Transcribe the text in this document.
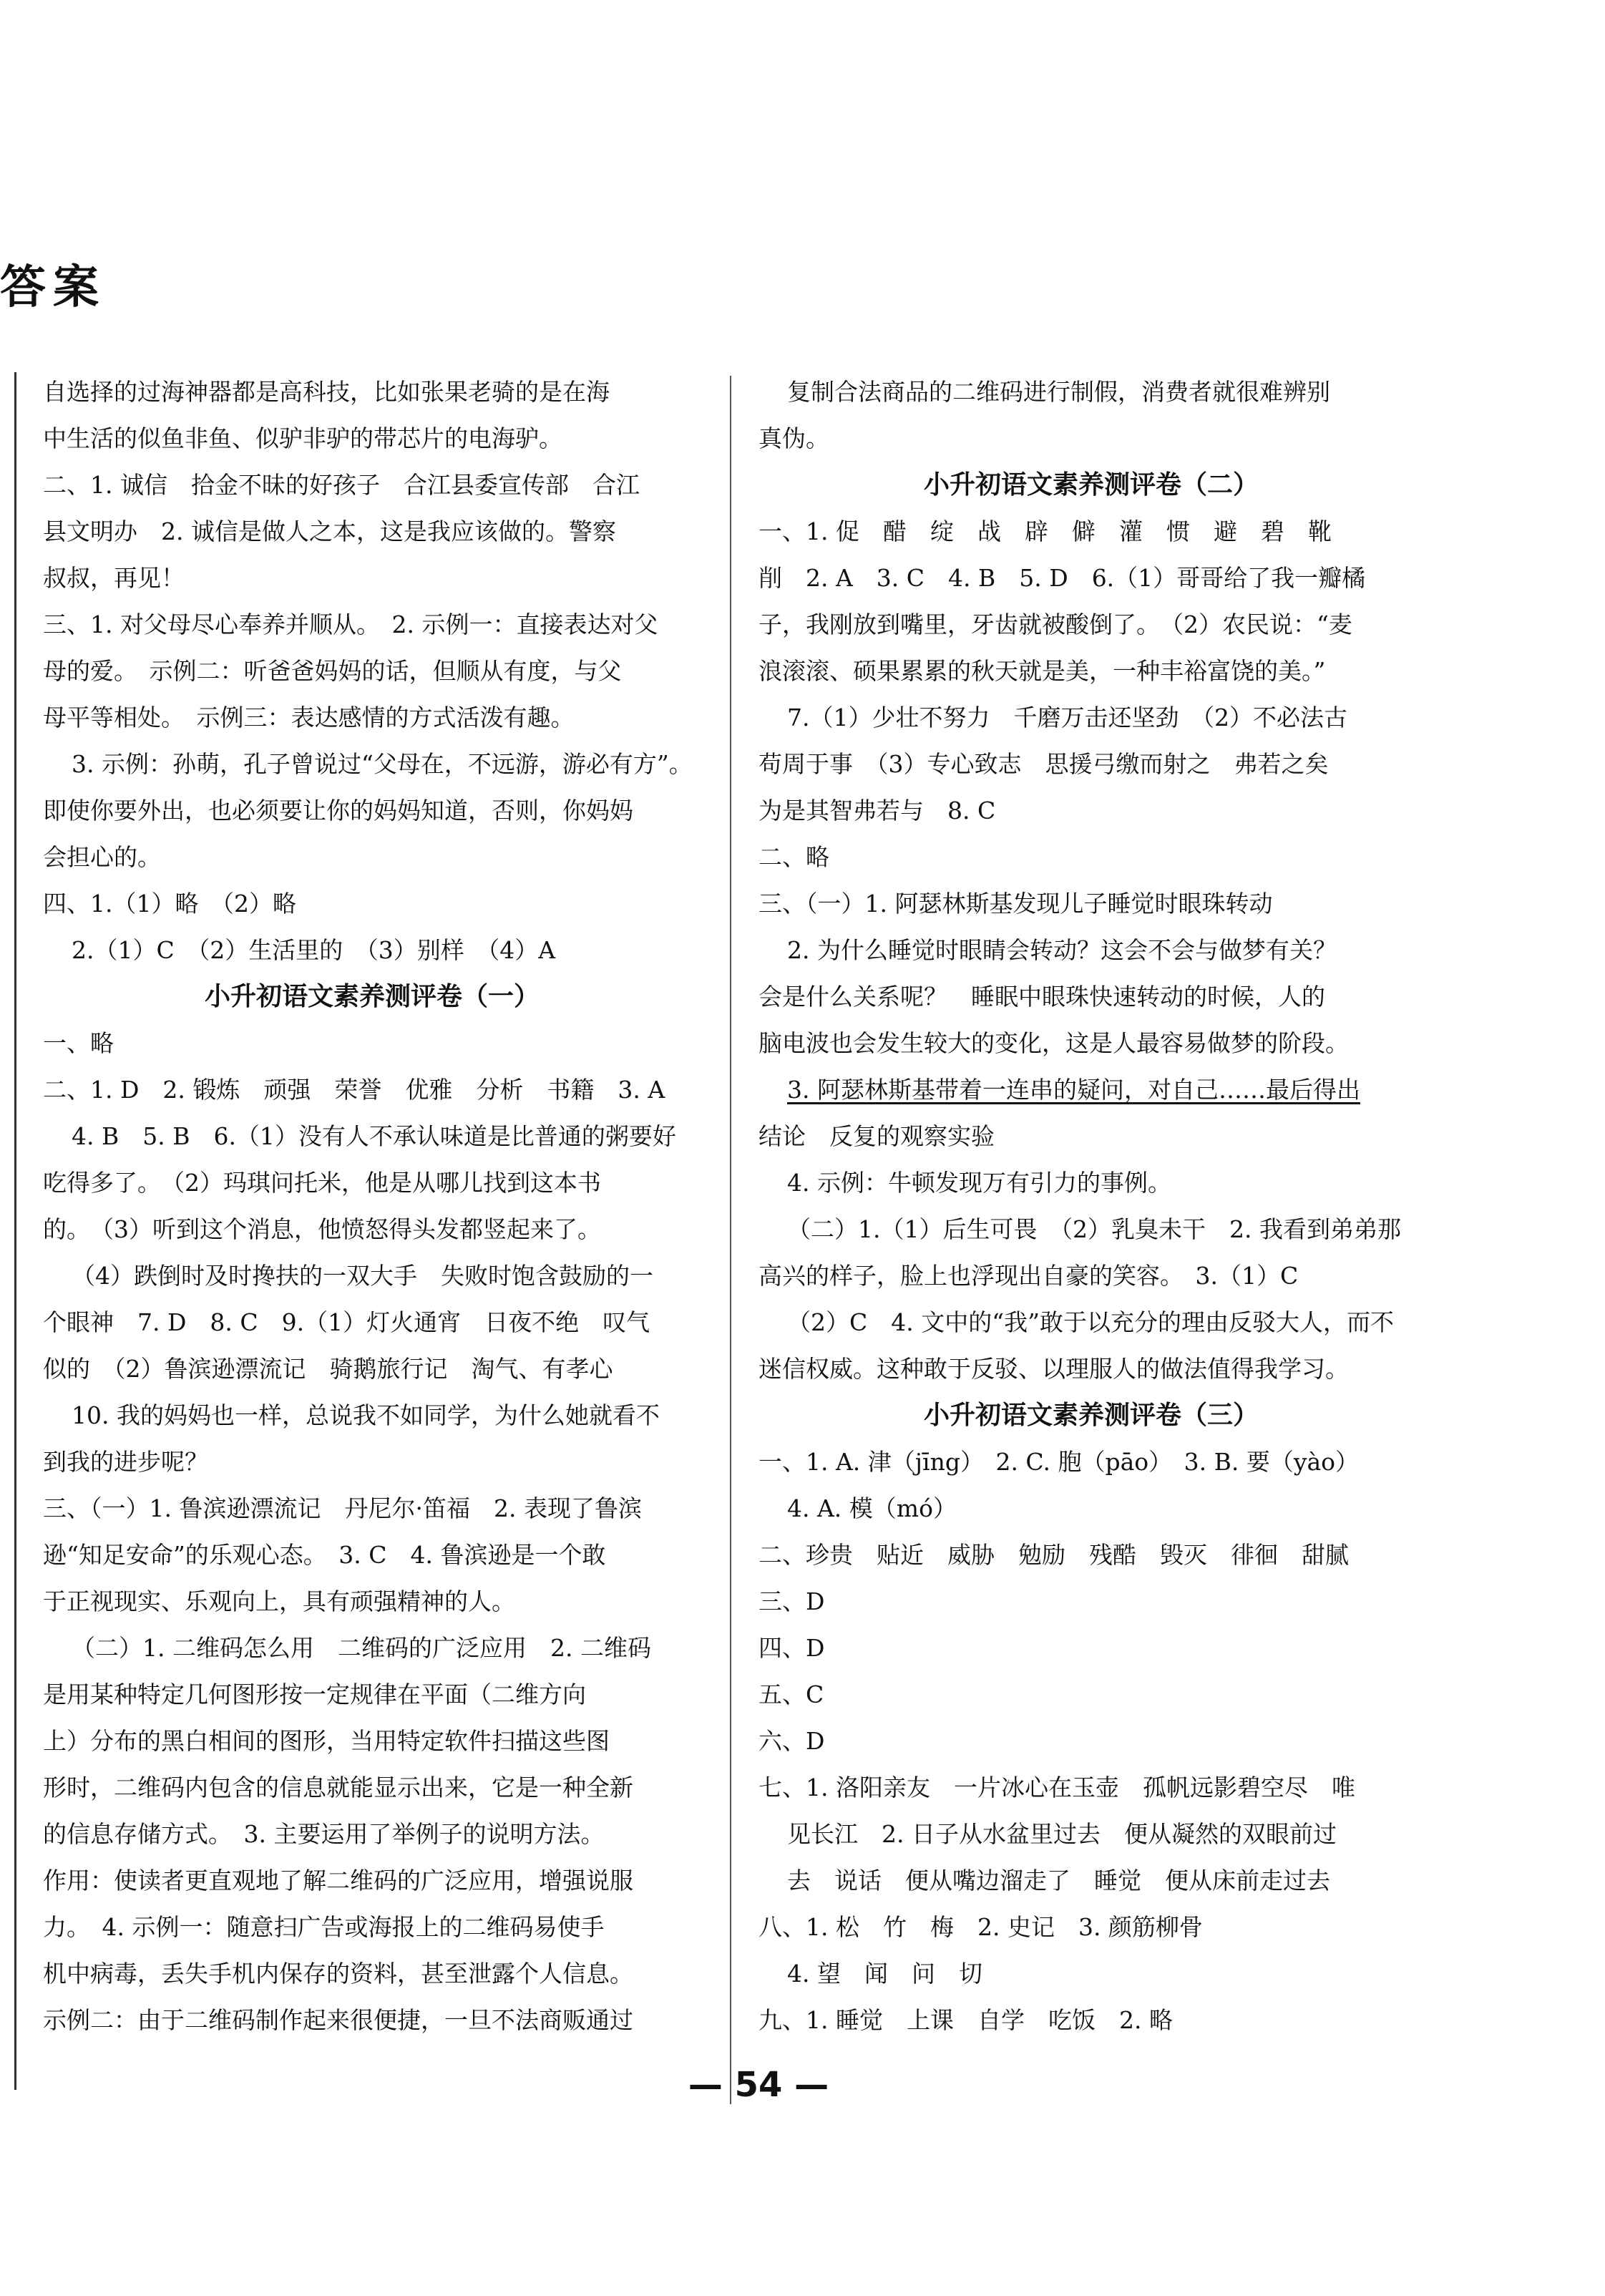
答案
自选择的过海神器都是高科技，比如张果老骑的是在海
中生活的似鱼非鱼、似驴非驴的带芯片的电海驴。
二、1. 诚信　拾金不昧的好孩子　合江县委宣传部　合江
县文明办　2. 诚信是做人之本，这是我应该做的。警察
叔叔，再见！
三、1. 对父母尽心奉养并顺从。　2. 示例一：直接表达对父
母的爱。　示例二：听爸爸妈妈的话，但顺从有度，与父
母平等相处。　示例三：表达感情的方式活泼有趣。
3. 示例：孙萌，孔子曾说过“父母在，不远游，游必有方”。
即使你要外出，也必须要让你的妈妈知道，否则，你妈妈
会担心的。
四、1.（1）略　（2）略
2.（1）C　（2）生活里的　（3）别样　（4）A
小升初语文素养测评卷（一）
一、略
二、1. D　2. 锻炼　顽强　荣誉　优雅　分析　书籍　3. A
4. B　5. B　6.（1）没有人不承认味道是比普通的粥要好
吃得多了。　（2）玛琪问托米，他是从哪儿找到这本书
的。　（3）听到这个消息，他愤怒得头发都竖起来了。
（4）跌倒时及时搀扶的一双大手　失败时饱含鼓励的一
个眼神　7. D　8. C　9.（1）灯火通宵　日夜不绝　叹气
似的　（2）鲁滨逊漂流记　骑鹅旅行记　淘气、有孝心
10. 我的妈妈也一样，总说我不如同学，为什么她就看不
到我的进步呢？
三、（一）1. 鲁滨逊漂流记　丹尼尔·笛福　2. 表现了鲁滨
逊“知足安命”的乐观心态。　3. C　4. 鲁滨逊是一个敢
于正视现实、乐观向上，具有顽强精神的人。
（二）1. 二维码怎么用　二维码的广泛应用　2. 二维码
是用某种特定几何图形按一定规律在平面（二维方向
上）分布的黑白相间的图形，当用特定软件扫描这些图
形时，二维码内包含的信息就能显示出来，它是一种全新
的信息存储方式。　3. 主要运用了举例子的说明方法。
作用：使读者更直观地了解二维码的广泛应用，增强说服
力。　4. 示例一：随意扫广告或海报上的二维码易使手
机中病毒，丢失手机内保存的资料，甚至泄露个人信息。
示例二：由于二维码制作起来很便捷，一旦不法商贩通过
复制合法商品的二维码进行制假，消费者就很难辨别
真伪。
小升初语文素养测评卷（二）
一、1. 促　醋　绽　战　辟　僻　灌　惯　避　碧　靴
削　2. A　3. C　4. B　5. D　6.（1）哥哥给了我一瓣橘
子，我刚放到嘴里，牙齿就被酸倒了。　（2）农民说：“麦
浪滚滚、硕果累累的秋天就是美，一种丰裕富饶的美。”
7.（1）少壮不努力　千磨万击还坚劲　（2）不必法古
苟周于事　（3）专心致志　思援弓缴而射之　弗若之矣
为是其智弗若与　8. C
二、略
三、（一）1. 阿瑟林斯基发现儿子睡觉时眼珠转动
2. 为什么睡觉时眼睛会转动？这会不会与做梦有关？
会是什么关系呢？　睡眠中眼珠快速转动的时候，人的
脑电波也会发生较大的变化，这是人最容易做梦的阶段。
3. 阿瑟林斯基带着一连串的疑问，对自己……最后得出
结论　反复的观察实验
4. 示例：牛顿发现万有引力的事例。
（二）1.（1）后生可畏　（2）乳臭未干　2. 我看到弟弟那
高兴的样子，脸上也浮现出自豪的笑容。　3.（1）C
（2）C　4. 文中的“我”敢于以充分的理由反驳大人，而不
迷信权威。这种敢于反驳、以理服人的做法值得我学习。
小升初语文素养测评卷（三）
一、1. A. 津（jīng）　2. C. 胞（pāo）　3. B. 要（yào）
4. A. 模（mó）
二、珍贵　贴近　威胁　勉励　残酷　毁灭　徘徊　甜腻
三、D
四、D
五、C
六、D
七、1. 洛阳亲友　一片冰心在玉壶　孤帆远影碧空尽　唯
见长江　2. 日子从水盆里过去　便从凝然的双眼前过
去　说话　便从嘴边溜走了　睡觉　便从床前走过去
八、1. 松　竹　梅　2. 史记　3. 颜筋柳骨
4. 望　闻　问　切
九、1. 睡觉　上课　自学　吃饭　2. 略
— 54 —
